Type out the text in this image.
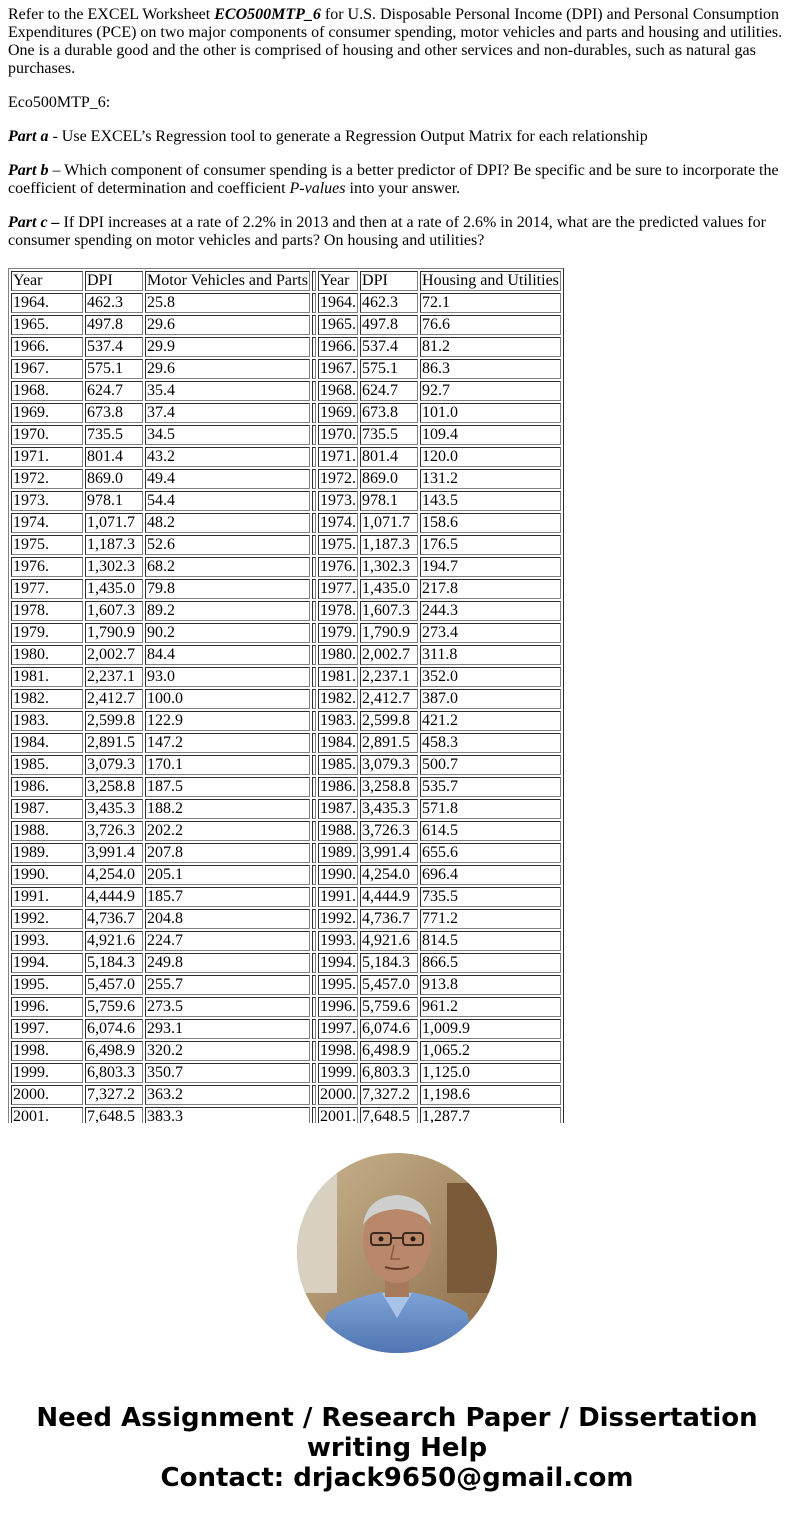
Refer to the EXCEL Worksheet ECO500MTP_6 for U.S. Disposable Personal Income (DPI) and Personal Consumption Expenditures (PCE) on two major components of consumer spending, motor vehicles and parts and housing and utilities. One is a durable good and the other is comprised of housing and other services and non-durables, such as natural gas purchases.

Eco500MTP_6:

Part a - Use EXCEL’s Regression tool to generate a Regression Output Matrix for each relationship

Part b – Which component of consumer spending is a better predictor of DPI? Be specific and be sure to incorporate the coefficient of determination and coefficient P-values into your answer.

Part c – If DPI increases at a rate of 2.2% in 2013 and then at a rate of 2.6% in 2014, what are the predicted values for consumer spending on motor vehicles and parts? On housing and utilities?

Year	DPI	Motor Vehicles and Parts		Year	DPI	Housing and Utilities
1964.	462.3	25.8		1964.	462.3	72.1
1965.	497.8	29.6		1965.	497.8	76.6
1966.	537.4	29.9		1966.	537.4	81.2
1967.	575.1	29.6		1967.	575.1	86.3
1968.	624.7	35.4		1968.	624.7	92.7
1969.	673.8	37.4		1969.	673.8	101.0
1970.	735.5	34.5		1970.	735.5	109.4
1971.	801.4	43.2		1971.	801.4	120.0
1972.	869.0	49.4		1972.	869.0	131.2
1973.	978.1	54.4		1973.	978.1	143.5
1974.	1,071.7	48.2		1974.	1,071.7	158.6
1975.	1,187.3	52.6		1975.	1,187.3	176.5
1976.	1,302.3	68.2		1976.	1,302.3	194.7
1977.	1,435.0	79.8		1977.	1,435.0	217.8
1978.	1,607.3	89.2		1978.	1,607.3	244.3
1979.	1,790.9	90.2		1979.	1,790.9	273.4
1980.	2,002.7	84.4		1980.	2,002.7	311.8
1981.	2,237.1	93.0		1981.	2,237.1	352.0
1982.	2,412.7	100.0		1982.	2,412.7	387.0
1983.	2,599.8	122.9		1983.	2,599.8	421.2
1984.	2,891.5	147.2		1984.	2,891.5	458.3
1985.	3,079.3	170.1		1985.	3,079.3	500.7
1986.	3,258.8	187.5		1986.	3,258.8	535.7
1987.	3,435.3	188.2		1987.	3,435.3	571.8
1988.	3,726.3	202.2		1988.	3,726.3	614.5
1989.	3,991.4	207.8		1989.	3,991.4	655.6
1990.	4,254.0	205.1		1990.	4,254.0	696.4
1991.	4,444.9	185.7		1991.	4,444.9	735.5
1992.	4,736.7	204.8		1992.	4,736.7	771.2
1993.	4,921.6	224.7		1993.	4,921.6	814.5
1994.	5,184.3	249.8		1994.	5,184.3	866.5
1995.	5,457.0	255.7		1995.	5,457.0	913.8
1996.	5,759.6	273.5		1996.	5,759.6	961.2
1997.	6,074.6	293.1		1997.	6,074.6	1,009.9
1998.	6,498.9	320.2		1998.	6,498.9	1,065.2
1999.	6,803.3	350.7		1999.	6,803.3	1,125.0
2000.	7,327.2	363.2		2000.	7,327.2	1,198.6
2001.	7,648.5	383.3		2001.	7,648.5	1,287.7
Need Assignment / Research Paper / Dissertation
writing Help
Contact: drjack9650@gmail.com
